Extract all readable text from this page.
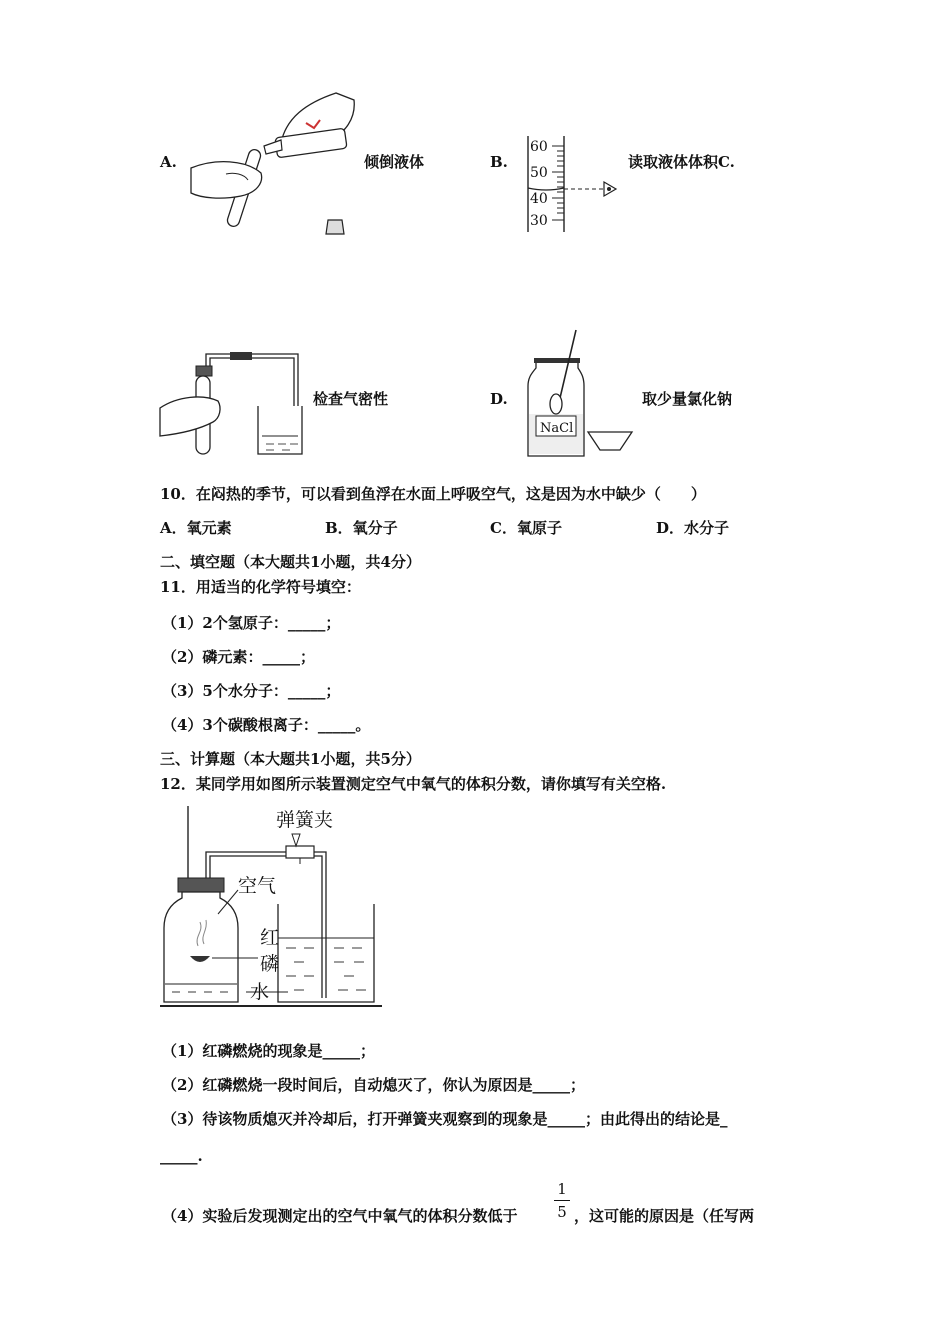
A.	倾倒液体	B.
60
50
40
30
读取液体体积C.
检查气密性	D.
NaCl
取少量氯化钠
10．在闷热的季节，可以看到鱼浮在水面上呼吸空气，这是因为水中缺少（　　）
A．氧元素	B．氧分子	C．氧原子	D．水分子
二、填空题（本大题共1小题，共4分）
11．用适当的化学符号填空：
（1）2个氢原子：_____；
（2）磷元素：_____；
（3）5个水分子：_____；
（4）3个碳酸根离子：_____。
三、计算题（本大题共1小题，共5分）
12．某同学用如图所示装置测定空气中氧气的体积分数，请你填写有关空格.
弹簧夹
空气
红
磷
水
（1）红磷燃烧的现象是_____；
（2）红磷燃烧一段时间后，自动熄灭了，你认为原因是_____；
（3）待该物质熄灭并冷却后，打开弹簧夹观察到的现象是_____；由此得出的结论是_
_____.
（4）实验后发现测定出的空气中氧气的体积分数低于
1
5 ，这可能的原因是（任写两
